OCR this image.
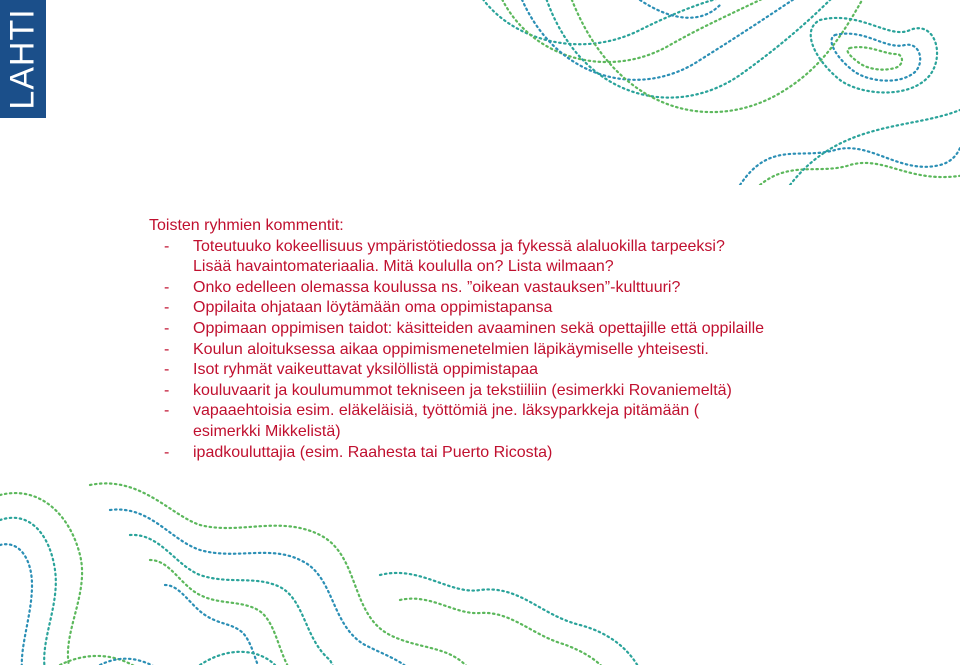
LAHTI

Toisten ryhmien kommentit:

-	Toteutuuko kokeellisuus ympäristötiedossa ja fykessä alaluokilla tarpeeksi?
Lisää havaintomateriaalia. Mitä koululla on? Lista wilmaan?
-	Onko edelleen olemassa koulussa ns. ”oikean vastauksen”-kulttuuri?
-	Oppilaita ohjataan löytämään oma oppimistapansa
-	Oppimaan oppimisen taidot: käsitteiden avaaminen sekä opettajille että oppilaille
-	Koulun aloituksessa aikaa oppimismenetelmien läpikäymiselle yhteisesti.
-	Isot ryhmät vaikeuttavat yksilöllistä oppimistapaa
-	kouluvaarit ja koulumummot tekniseen ja tekstiiliin (esimerkki Rovaniemeltä)
-	vapaaehtoisia esim. eläkeläisiä, työttömiä jne. läksyparkkeja pitämään (
esimerkki Mikkelistä)
-	ipadkouluttajia (esim. Raahesta tai Puerto Ricosta)
